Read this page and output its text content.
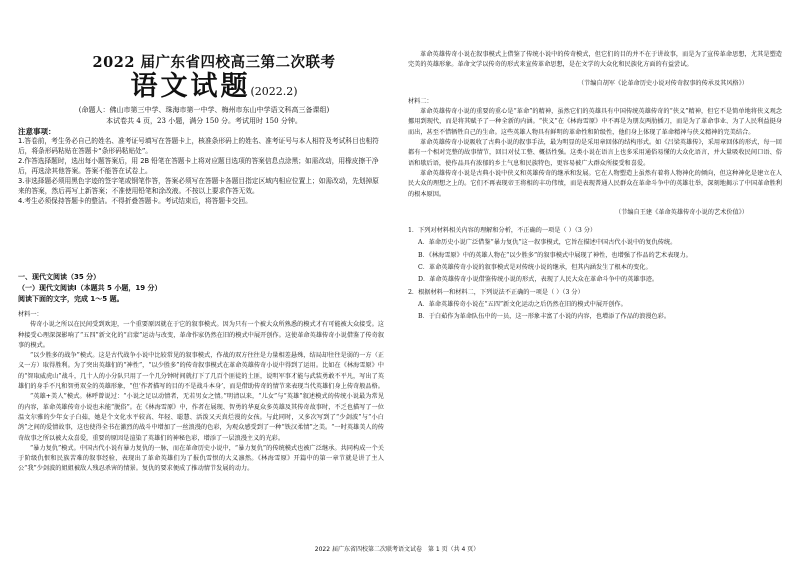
2022 届广东省四校高三第二次联考
语文试题(2022.2)
(命题人：佛山市第三中学、珠海市第一中学、梅州市东山中学语文科高三备课组)
本试卷共 4 页，23 小题，满分 150 分。考试用时 150 分钟。
注意事项：

1.答卷前，考生务必自己的姓名、准考证号填写在答题卡上，核准条形码上的姓名、准考证号与本人相符及考试科目也相符后，将条形码粘贴在答题卡“条形码粘贴处”。

2.作答选择题时，选出每小题答案后，用 2B 铅笔在答题卡上将对应题目选项的答案信息点涂黑；如需改动，用橡皮擦干净后，再选涂其他答案。答案不能答在试卷上。

3.非选择题必须用黑色字迹的签字笔或钢笔作答，答案必须写在答题卡各题目指定区域内相应位置上；如需改动，先划掉原来的答案，然后再写上新答案；不准使用铅笔和涂改液。不按以上要求作答无效。

4.考生必须保持答题卡的整洁。不得折叠答题卡。考试结束后，将答题卡交回。

一、现代文阅读（35 分）
（一）现代文阅读Ⅰ（本题共 5 小题，19 分）
阅读下面的文字，完成 1～5 题。

材料一：

传奇小说之所以在民间受到欢迎，一个重要原因就在于它的叙事模式。因为只有一个被大众所熟悉的模式才有可能被大众接受。这种接受心理深深影响了“五四”新文化的“启蒙”运动与改变，革命作家仍然在旧的模式中展开创作。这使革命英雄传奇小说借鉴了传奇叙事的模式。

“以少胜多的战争”模式。这是古代战争小说中比较常见的叙事模式，作战的双方往往是力量相差悬殊，结局却往往是弱的一方（正义一方）取得胜利。为了突出英雄们的“神性”，“以少胜多”的传奇叙事模式在革命英雄传奇小说中得到了运用。比如在《林海雪原》中的“智取威虎山”战斗，几十人的小分队只用了一个几分钟时间就打下了几百个匪徒的土匪，说明军事才能与武装勇敢不平凡，写出了英雄们的身手不凡和智勇双全的英雄形象，“但‘作者描写的目的不是战斗本身’，而是借助传奇的情节来表现当代英雄们身上传奇般品格。

“英雄+美人”模式。林呼曾说过：“小说之足以动情者，无若男女之情。”明清以来，“儿女”与“英雄”叙述模式的传统小说最为常见的内容，革命英雄传奇小说也未能“脱俗”。在《林海雪原》中，作者在展现、智勇的华夏众多英雄及其传奇故事时，不乏也描写了一位温文尔雅的少年女子白茹，她是个文化水平较高、年轻、聪慧、活泼又天真烂漫的女孩。与此同时，又多次写到了“少剑波”与“小白鸽”之间的爱情故事，这也使得全书在激烈的战斗中增加了一丝浪漫的色彩，为观众感受到了一种“铁汉柔情”之美。“一时英雄美人的传奇故事之所以被大众喜爱，重要的原因是渲染了英雄们的神秘色彩，增添了一层浪漫主义的光彩。

“暴力复仇”模式。中国古代小说有暴力复仇的一脉，而在革命历史小说中，“暴力复仇”的传统模式也被广泛继承。共同构成一个关于阶级仇恨和民族苦难的叙事经验，表现出了革命英雄们为了报仇雪恨的大义凛然。《林海雪原》开篇中的第一章节就是讲了主人公“我”少剑波的姐姐被敌人残忍杀害的情景。复仇的要求便成了推动情节发展的动力。

革命英雄传奇小说在叙事模式上借鉴了传统小说中的传奇模式，但它们的目的并不在于讲故事，而是为了宣传革命思想，尤其是塑造完美的英雄形象。革命文学以传奇的形式来宣传革命思想，是在文学的大众化和民族化方面的有益尝试。

（节编自胡军《论革命历史小说对传奇叙事的传承及其风格》）

材料二：

革命英雄传奇小说的重要的重心是“革命”的精神，虽然它们的英雄具有中国传统英雄传奇的“侠义”精神，但它不是简单地将侠义观念挪用到现代，而是将其赋予了一种全新的内涵。“侠义”在《林海雪原》中不再是为朋友两肋插刀，而是为了革命事业、为了人民利益挺身而出，甚至不惜牺牲自己的生命。这些英雄人物具有鲜明的革命性和阶级性，他们身上体现了革命精神与侠义精神的完美结合。

革命英雄传奇小说吸收了古典小说的叙事手法，最为明显的是采用章回体的结构形式。如《吕梁英雄传》，采用章回体的形式，每一回都有一个相对完整的故事情节，回目对仗工整、概括性强。这类小说在语言上也多采用通俗易懂的大众化语言，并大量吸收民间口语、俗语和歇后语，使作品具有浓郁的乡土气息和民族特色，更容易被广大群众所接受和喜爱。

革命英雄传奇小说是古典小说中侠义和英雄传奇的继承和发展。它在人物塑造上虽然有着将人物神化的倾向，但这种神化是建立在人民大众的理想之上的。它们不再表现帝王将相的丰功伟绩，而是表现普通人民群众在革命斗争中的英雄壮举，深刻地揭示了中国革命胜利的根本原因。

（节编自王建《革命英雄传奇小说的艺术价值》）

1．下列对材料相关内容的理解和分析，不正确的一项是（ ）（3 分）

A．革命历史小说广泛借鉴“暴力复仇”这一叙事模式，它旨在描述中国古代小说中的复仇传统。

B．《林海雪原》中的英雄人物在“以少胜多”的叙事模式中展现了神性，也增强了作品的艺术表现力。

C．革命英雄传奇小说的叙事模式是对传统小说的继承，但其内涵发生了根本的变化。

D．革命英雄传奇小说借鉴传统小说的形式，表现了人民大众在革命斗争中的英雄事迹。

2．根据材料一和材料二，下列说法不正确的一项是（ ）（3 分）

A．革命英雄传奇小说在“五四”新文化运动之后仍然在旧的模式中展开创作。

B．于白茹作为革命队伍中的一员，这一形象丰富了小说的内容，也增添了作品的浪漫色彩。

2022 届广东省四校第二次联考语文试卷　第 1 页（共 4 页）
